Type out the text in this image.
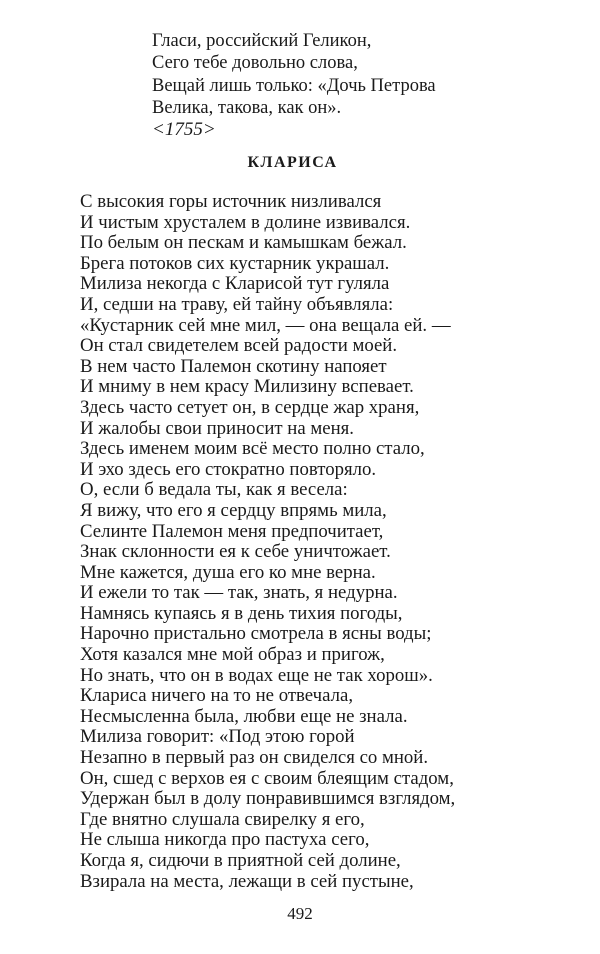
Гласи, российский Геликон,
Сего тебе довольно слова,
Вещай лишь только: «Дочь Петрова
Велика, такова, как он».
<1755>
КЛАРИСА
С высокия горы источник низливался
И чистым хрусталем в долине извивался.
По белым он пескам и камышкам бежал.
Брега потоков сих кустарник украшал.
Милиза некогда с Кларисой тут гуляла
И, седши на траву, ей тайну объявляла:
«Кустарник сей мне мил, — она вещала ей. —
Он стал свидетелем всей радости моей.
В нем часто Палемон скотину напояет
И мниму в нем красу Милизину вспевает.
Здесь часто сетует он, в сердце жар храня,
И жалобы свои приносит на меня.
Здесь именем моим всё место полно стало,
И эхо здесь его стократно повторяло.
О, если б ведала ты, как я весела:
Я вижу, что его я сердцу впрямь мила,
Селинте Палемон меня предпочитает,
Знак склонности ея к себе уничтожает.
Мне кажется, душа его ко мне верна.
И ежели то так — так, знать, я недурна.
Намнясь купаясь я в день тихия погоды,
Нарочно пристально смотрела в ясны воды;
Хотя казался мне мой образ и пригож,
Но знать, что он в водах еще не так хорош».
Клариса ничего на то не отвечала,
Несмысленна была, любви еще не знала.
Милиза говорит: «Под этою горой
Незапно в первый раз он свиделся со мной.
Он, сшед с верхов ея с своим блеящим стадом,
Удержан был в долу понравившимся взглядом,
Где внятно слушала свирелку я его,
Не слыша никогда про пастуха сего,
Когда я, сидючи в приятной сей долине,
Взирала на места, лежащи в сей пустыне,
492
